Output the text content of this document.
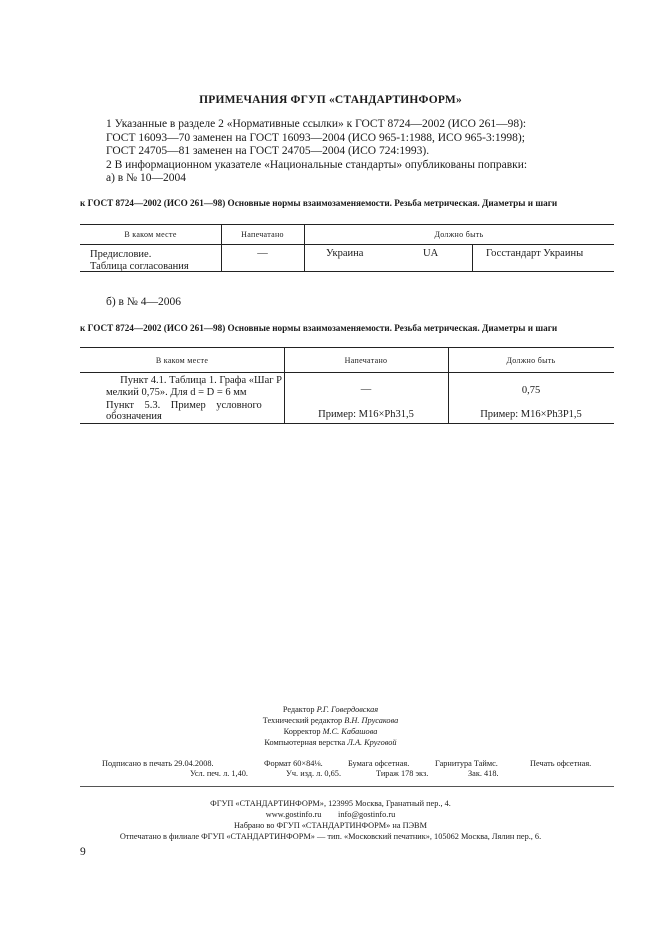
ПРИМЕЧАНИЯ ФГУП «СТАНДАРТИНФОРМ»
1 Указанные в разделе 2 «Нормативные ссылки» к ГОСТ 8724—2002 (ИСО 261—98):
ГОСТ 16093—70 заменен на ГОСТ 16093—2004 (ИСО 965-1:1988, ИСО 965-3:1998);
ГОСТ 24705—81 заменен на ГОСТ 24705—2004 (ИСО 724:1993).
2 В информационном указателе «Национальные стандарты» опубликованы поправки:
а) в № 10—2004
к ГОСТ 8724—2002 (ИСО 261—98) Основные нормы взаимозаменяемости. Резьба метрическая. Диаметры и шаги
В каком месте	Напечатано	Должно быть
Предисловие.
Таблица согласования
—	Украина	UA	Госстандарт Украины
б) в № 4—2006
к ГОСТ 8724—2002 (ИСО 261—98) Основные нормы взаимозаменяемости. Резьба метрическая. Диаметры и шаги
В каком месте	Напечатано	Должно быть
Пункт 4.1. Таблица 1. Графа «Шаг P
мелкий 0,75». Для d = D = 6 мм	—	0,75
Пункт    5.3.    Пример    условного
обозначения	Пример: M16×Ph31,5	Пример: M16×Ph3P1,5
Редактор Р.Г. Говердовская
Технический редактор В.Н. Прусакова
Корректор М.С. Кабашова
Компьютерная верстка Л.А. Круговой
Подписано в печать 29.04.2008.	Формат 60×84⅛.	Бумага офсетная.	Гарнитура Таймс.	Печать офсетная.
Усл. печ. л. 1,40.	Уч. изд. л. 0,65.	Тираж 178 экз.	Зак. 418.
ФГУП «СТАНДАРТИНФОРМ», 123995 Москва, Гранатный пер., 4.
www.gostinfo.ru info@gostinfo.ru
Набрано во ФГУП «СТАНДАРТИНФОРМ» на ПЭВМ
Отпечатано в филиале ФГУП «СТАНДАРТИНФОРМ» — тип. «Московский печатник», 105062 Москва, Лялин пер., 6.
9
